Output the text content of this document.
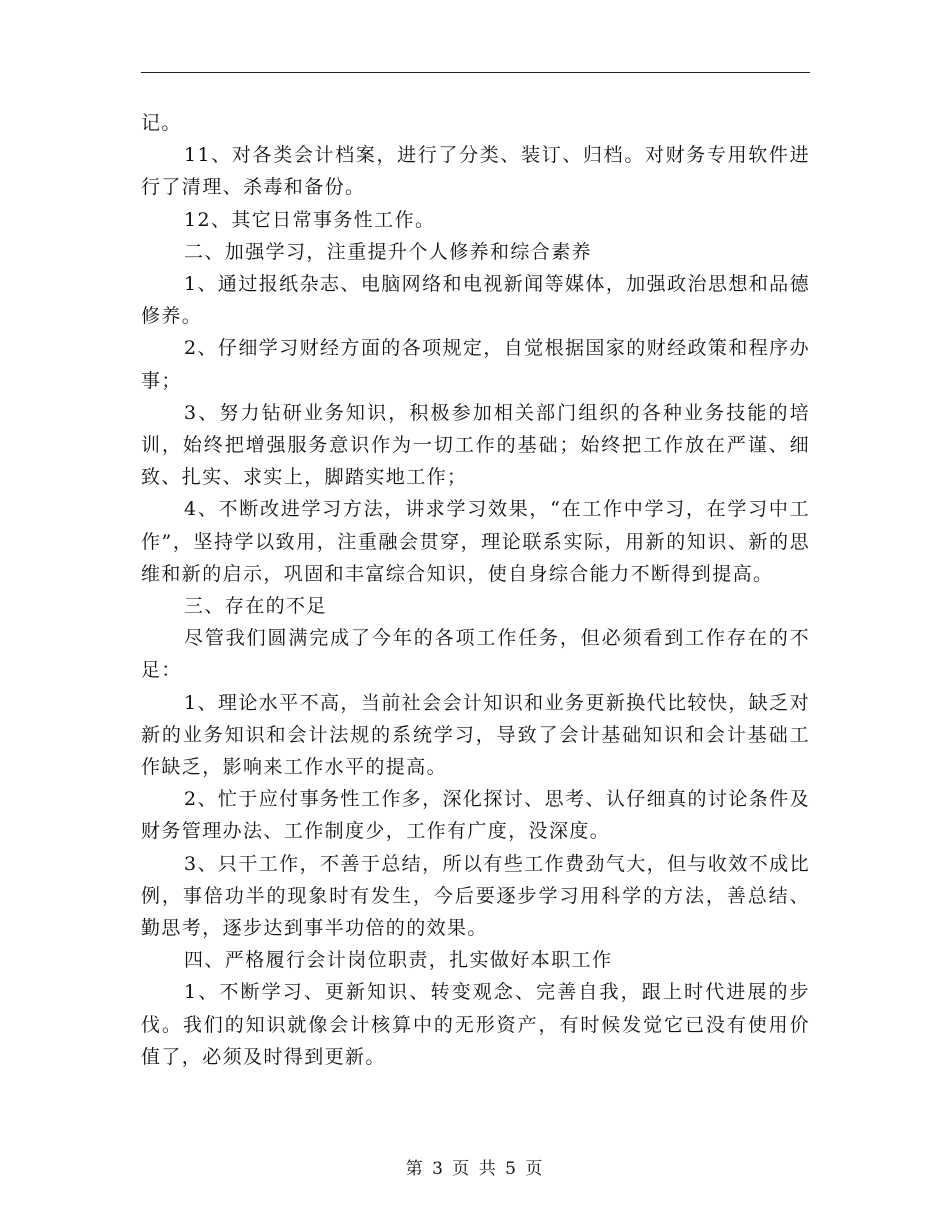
记。

11、对各类会计档案，进行了分类、装订、归档。对财务专用软件进行了清理、杀毒和备份。

12、其它日常事务性工作。

二、加强学习，注重提升个人修养和综合素养

1、通过报纸杂志、电脑网络和电视新闻等媒体，加强政治思想和品德修养。

2、仔细学习财经方面的各项规定，自觉根据国家的财经政策和程序办事；

3、努力钻研业务知识，积极参加相关部门组织的各种业务技能的培训，始终把增强服务意识作为一切工作的基础；始终把工作放在严谨、细致、扎实、求实上，脚踏实地工作；

4、不断改进学习方法，讲求学习效果，“在工作中学习，在学习中工作”，坚持学以致用，注重融会贯穿，理论联系实际，用新的知识、新的思维和新的启示，巩固和丰富综合知识，使自身综合能力不断得到提高。

三、存在的不足

尽管我们圆满完成了今年的各项工作任务，但必须看到工作存在的不足：

1、理论水平不高，当前社会会计知识和业务更新换代比较快，缺乏对新的业务知识和会计法规的系统学习，导致了会计基础知识和会计基础工作缺乏，影响来工作水平的提高。

2、忙于应付事务性工作多，深化探讨、思考、认仔细真的讨论条件及财务管理办法、工作制度少，工作有广度，没深度。

3、只干工作，不善于总结，所以有些工作费劲气大，但与收效不成比例，事倍功半的现象时有发生，今后要逐步学习用科学的方法，善总结、勤思考，逐步达到事半功倍的的效果。

四、严格履行会计岗位职责，扎实做好本职工作

1、不断学习、更新知识、转变观念、完善自我，跟上时代进展的步伐。我们的知识就像会计核算中的无形资产，有时候发觉它已没有使用价值了，必须及时得到更新。

第 3 页 共 5 页
